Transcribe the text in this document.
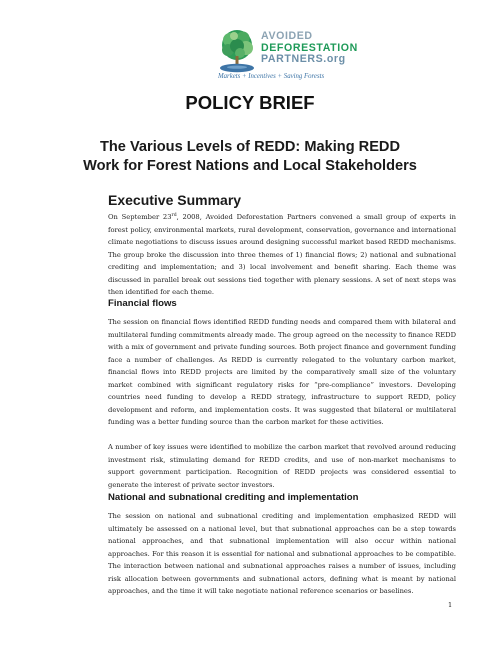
AVOIDED
DEFORESTATION
PARTNERS.org
Markets + Incentives + Saving Forests
POLICY BRIEF
The Various Levels of REDD: Making REDD Work for Forest Nations and Local Stakeholders
Executive Summary

On September 23rd, 2008, Avoided Deforestation Partners convened a small group of experts in forest policy, environmental markets, rural development, conservation, governance and international climate negotiations to discuss issues around designing successful market based REDD mechanisms. The group broke the discussion into three themes of 1) financial flows; 2) national and subnational crediting and implementation; and 3) local involvement and benefit sharing. Each theme was discussed in parallel break out sessions tied together with plenary sessions. A set of next steps was then identified for each theme.

Financial flows

The session on financial flows identified REDD funding needs and compared them with bilateral and multilateral funding commitments already made. The group agreed on the necessity to finance REDD with a mix of government and private funding sources. Both project finance and government funding face a number of challenges. As REDD is currently relegated to the voluntary carbon market, financial flows into REDD projects are limited by the comparatively small size of the voluntary market combined with significant regulatory risks for “pre-compliance” investors. Developing countries need funding to develop a REDD strategy, infrastructure to support REDD, policy development and reform, and implementation costs. It was suggested that bilateral or multilateral funding was a better funding source than the carbon market for these activities.

A number of key issues were identified to mobilize the carbon market that revolved around reducing investment risk, stimulating demand for REDD credits, and use of non-market mechanisms to support government participation. Recognition of REDD projects was considered essential to generate the interest of private sector investors.

National and subnational crediting and implementation

The session on national and subnational crediting and implementation emphasized REDD will ultimately be assessed on a national level, but that subnational approaches can be a step towards national approaches, and that subnational implementation will also occur within national approaches. For this reason it is essential for national and subnational approaches to be compatible. The interaction between national and subnational approaches raises a number of issues, including risk allocation between governments and subnational actors, defining what is meant by national approaches, and the time it will take negotiate national reference scenarios or baselines.

1
